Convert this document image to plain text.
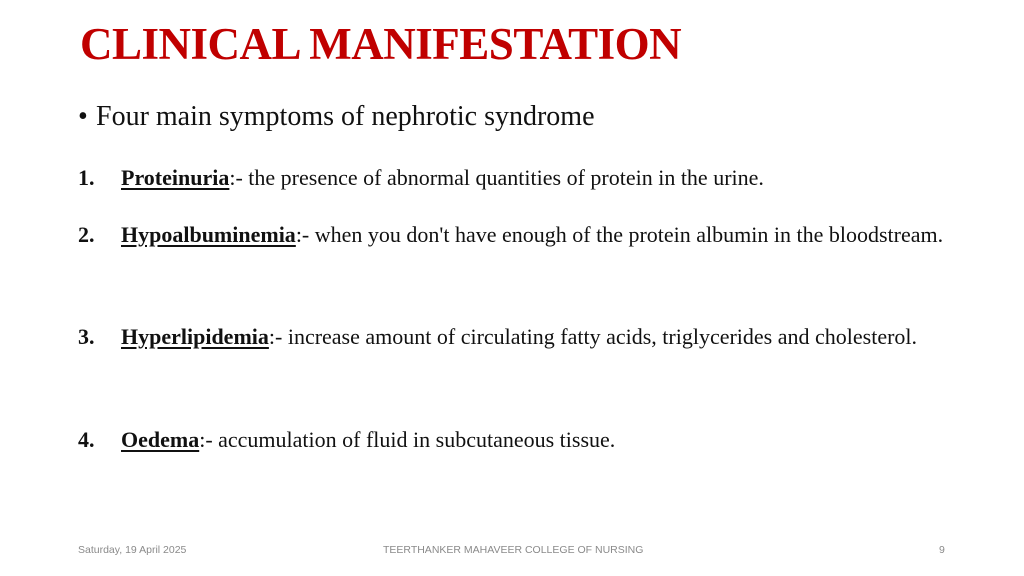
CLINICAL MANIFESTATION
• Four main symptoms of nephrotic syndrome
1. Proteinuria:- the presence of abnormal quantities of protein in the urine.
2. Hypoalbuminemia:- when you don't have enough of the protein albumin in the bloodstream.
3. Hyperlipidemia:- increase amount of circulating fatty acids, triglycerides and cholesterol.
4. Oedema:- accumulation of fluid in subcutaneous tissue.
Saturday, 19 April 2025	TEERTHANKER MAHAVEER COLLEGE OF NURSING	9
